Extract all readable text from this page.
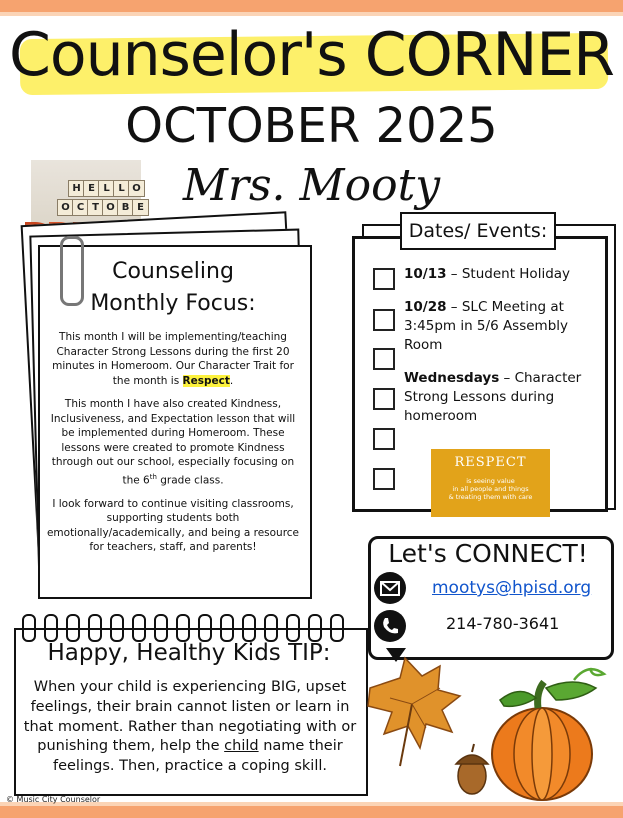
Counselor's CORNER
OCTOBER 2025
Mrs. Mooty
H E L L O
O C T O B E
Counseling
Monthly Focus:

This month I will be implementing/teaching Character Strong Lessons during the first 20 minutes in Homeroom. Our Character Trait for the month is Respect.

This month I have also created Kindness, Inclusiveness, and Expectation lesson that will be implemented during Homeroom. These lessons were created to promote Kindness through out our school, especially focusing on the 6th grade class.

I look forward to continue visiting classrooms, supporting students both emotionally/academically, and being a resource for teachers, staff, and parents!

Dates/ Events:
10/13 – Student Holiday
10/28 – SLC Meeting at 3:45pm in 5/6 Assembly Room
Wednesdays – Character Strong Lessons during homeroom
RESPECT
is seeing value
in all people and things
& treating them with care
Let's CONNECT!
mootys@hpisd.org
214-780-3641
Happy, Healthy Kids TIP:
When your child is experiencing BIG, upset feelings, their brain cannot listen or learn in that moment. Rather than negotiating with or punishing them, help the child name their feelings. Then, practice a coping skill.
© Music City Counselor
